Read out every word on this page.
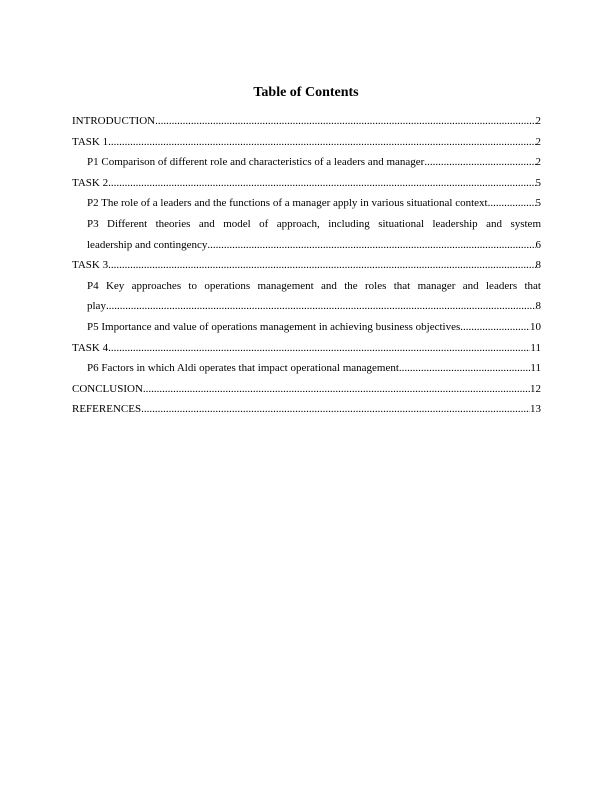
Table of Contents
INTRODUCTION .....	2
TASK 1 .....	2
P1 Comparison of different role and characteristics of a leaders and manager .....	2
TASK 2 .....	5
P2 The role of a leaders and the functions of a manager apply in various situational context .....	5
P3 Different theories and model of approach, including situational leadership and system
leadership and contingency .....	6
TASK 3 .....	8
P4 Key approaches to operations management and the roles that manager and leaders that
play .....	8
P5 Importance and value of operations management in achieving business objectives .....	10
TASK 4 .....	11
P6 Factors in which Aldi operates that impact operational management .....	11
CONCLUSION .....	12
REFERENCES .....	13
